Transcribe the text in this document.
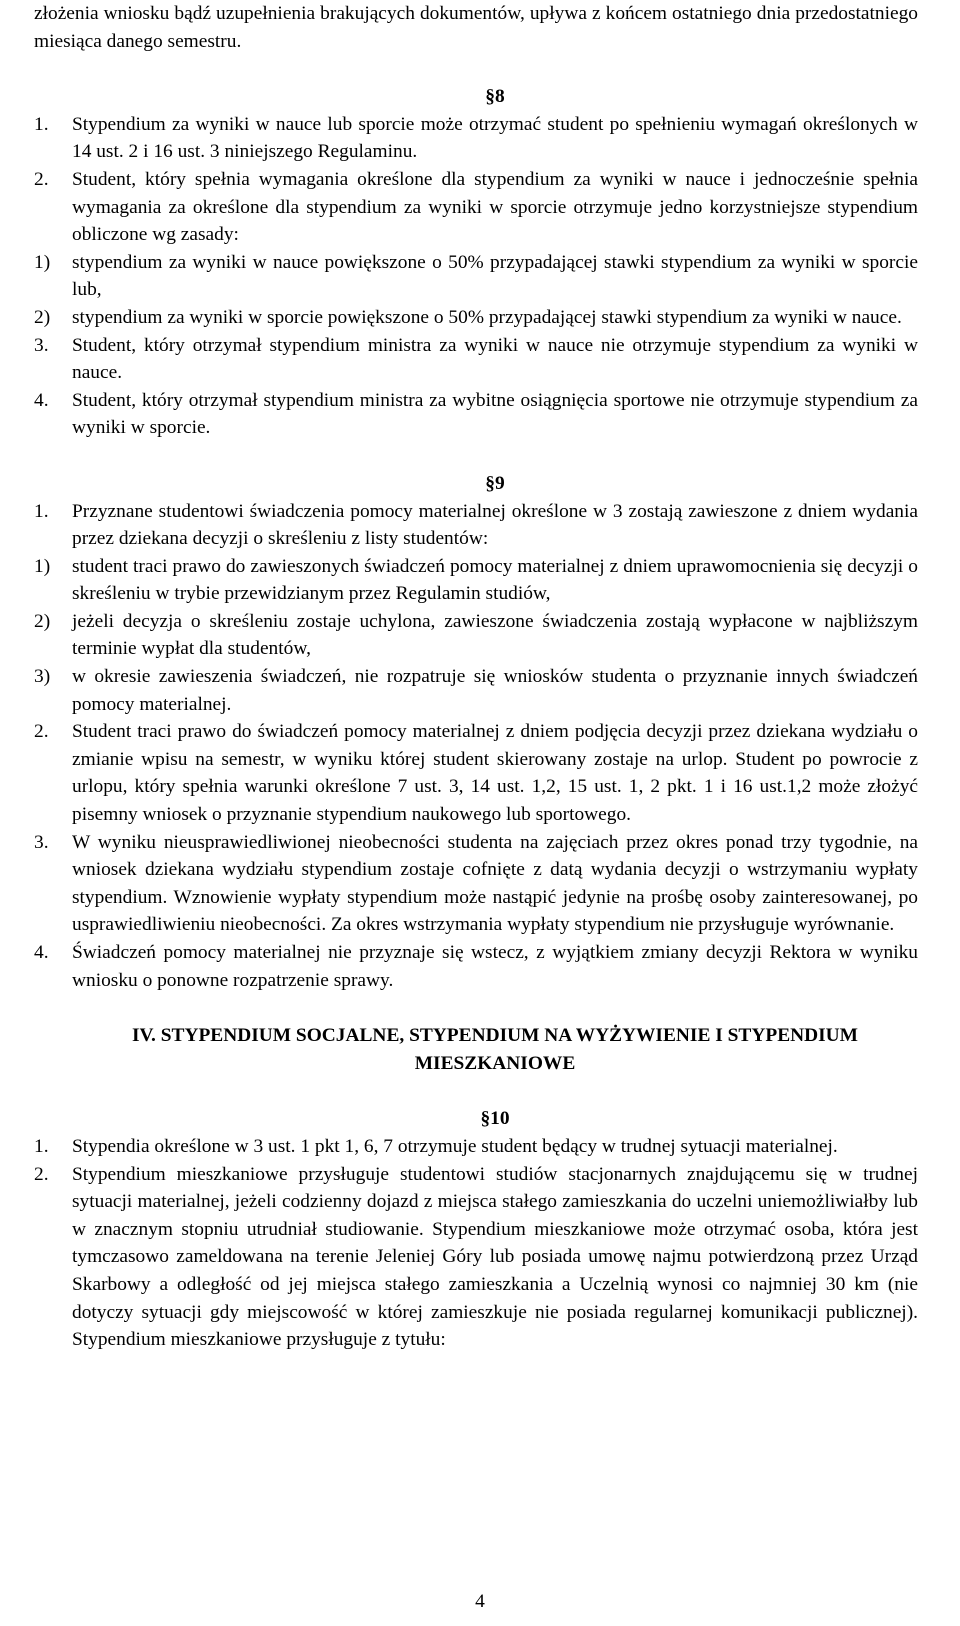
złożenia wniosku bądź uzupełnienia brakujących dokumentów, upływa z końcem ostatniego dnia przedostatniego miesiąca danego semestru.

§8

1.	Stypendium za wyniki w nauce lub sporcie może otrzymać student po spełnieniu wymagań określonych w 14 ust. 2 i 16 ust. 3 niniejszego Regulaminu.
2.	Student, który spełnia wymagania określone dla stypendium za wyniki w nauce i jednocześnie spełnia wymagania za określone dla stypendium za wyniki w sporcie otrzymuje jedno korzystniejsze stypendium obliczone wg zasady:
1)	stypendium za wyniki w nauce powiększone o 50% przypadającej stawki stypendium za wyniki w sporcie lub,
2)	stypendium za wyniki w sporcie powiększone o 50% przypadającej stawki stypendium za wyniki w nauce.
3.	Student, który otrzymał stypendium ministra za wyniki w nauce nie otrzymuje stypendium za wyniki w nauce.
4.	Student, który otrzymał stypendium ministra za wybitne osiągnięcia sportowe nie otrzymuje stypendium za wyniki w sporcie.

§9

1.	Przyznane studentowi świadczenia pomocy materialnej określone w 3 zostają zawieszone z dniem wydania przez dziekana decyzji o skreśleniu z listy studentów:
1)	student traci prawo do zawieszonych świadczeń pomocy materialnej z dniem uprawomocnienia się decyzji o skreśleniu w trybie przewidzianym przez Regulamin studiów,
2)	jeżeli decyzja o skreśleniu zostaje uchylona, zawieszone świadczenia zostają wypłacone w najbliższym terminie wypłat dla studentów,
3)	w okresie zawieszenia świadczeń, nie rozpatruje się wniosków studenta o przyznanie innych świadczeń pomocy materialnej.
2.	Student traci prawo do świadczeń pomocy materialnej z dniem podjęcia decyzji przez dziekana wydziału o zmianie wpisu na semestr, w wyniku której student skierowany zostaje na urlop. Student po powrocie z urlopu, który spełnia warunki określone 7 ust. 3, 14 ust. 1,2, 15 ust. 1, 2 pkt. 1 i 16 ust.1,2 może złożyć pisemny wniosek o przyznanie stypendium naukowego lub sportowego.
3.	W wyniku nieusprawiedliwionej nieobecności studenta na zajęciach przez okres ponad trzy tygodnie, na wniosek dziekana wydziału stypendium zostaje cofnięte z datą wydania decyzji o wstrzymaniu wypłaty stypendium. Wznowienie wypłaty stypendium może nastąpić jedynie na prośbę osoby zainteresowanej, po usprawiedliwieniu nieobecności. Za okres wstrzymania wypłaty stypendium nie przysługuje wyrównanie.
4.	Świadczeń pomocy materialnej nie przyznaje się wstecz, z wyjątkiem zmiany decyzji Rektora w wyniku wniosku o ponowne rozpatrzenie sprawy.
IV. STYPENDIUM SOCJALNE, STYPENDIUM NA WYŻYWIENIE I STYPENDIUM
MIESZKANIOWE

§10

1.	Stypendia określone w 3 ust. 1 pkt 1, 6, 7 otrzymuje student będący w trudnej sytuacji materialnej.
2.	Stypendium mieszkaniowe przysługuje studentowi studiów stacjonarnych znajdującemu się w trudnej sytuacji materialnej, jeżeli codzienny dojazd z miejsca stałego zamieszkania do uczelni uniemożliwiałby lub w znacznym stopniu utrudniał studiowanie. Stypendium mieszkaniowe może otrzymać osoba, która jest tymczasowo zameldowana na terenie Jeleniej Góry lub posiada umowę najmu potwierdzoną przez Urząd Skarbowy a odległość od jej miejsca stałego zamieszkania a Uczelnią wynosi co najmniej 30 km (nie dotyczy sytuacji gdy miejscowość w której zamieszkuje nie posiada regularnej komunikacji publicznej). Stypendium mieszkaniowe przysługuje z tytułu:
4
